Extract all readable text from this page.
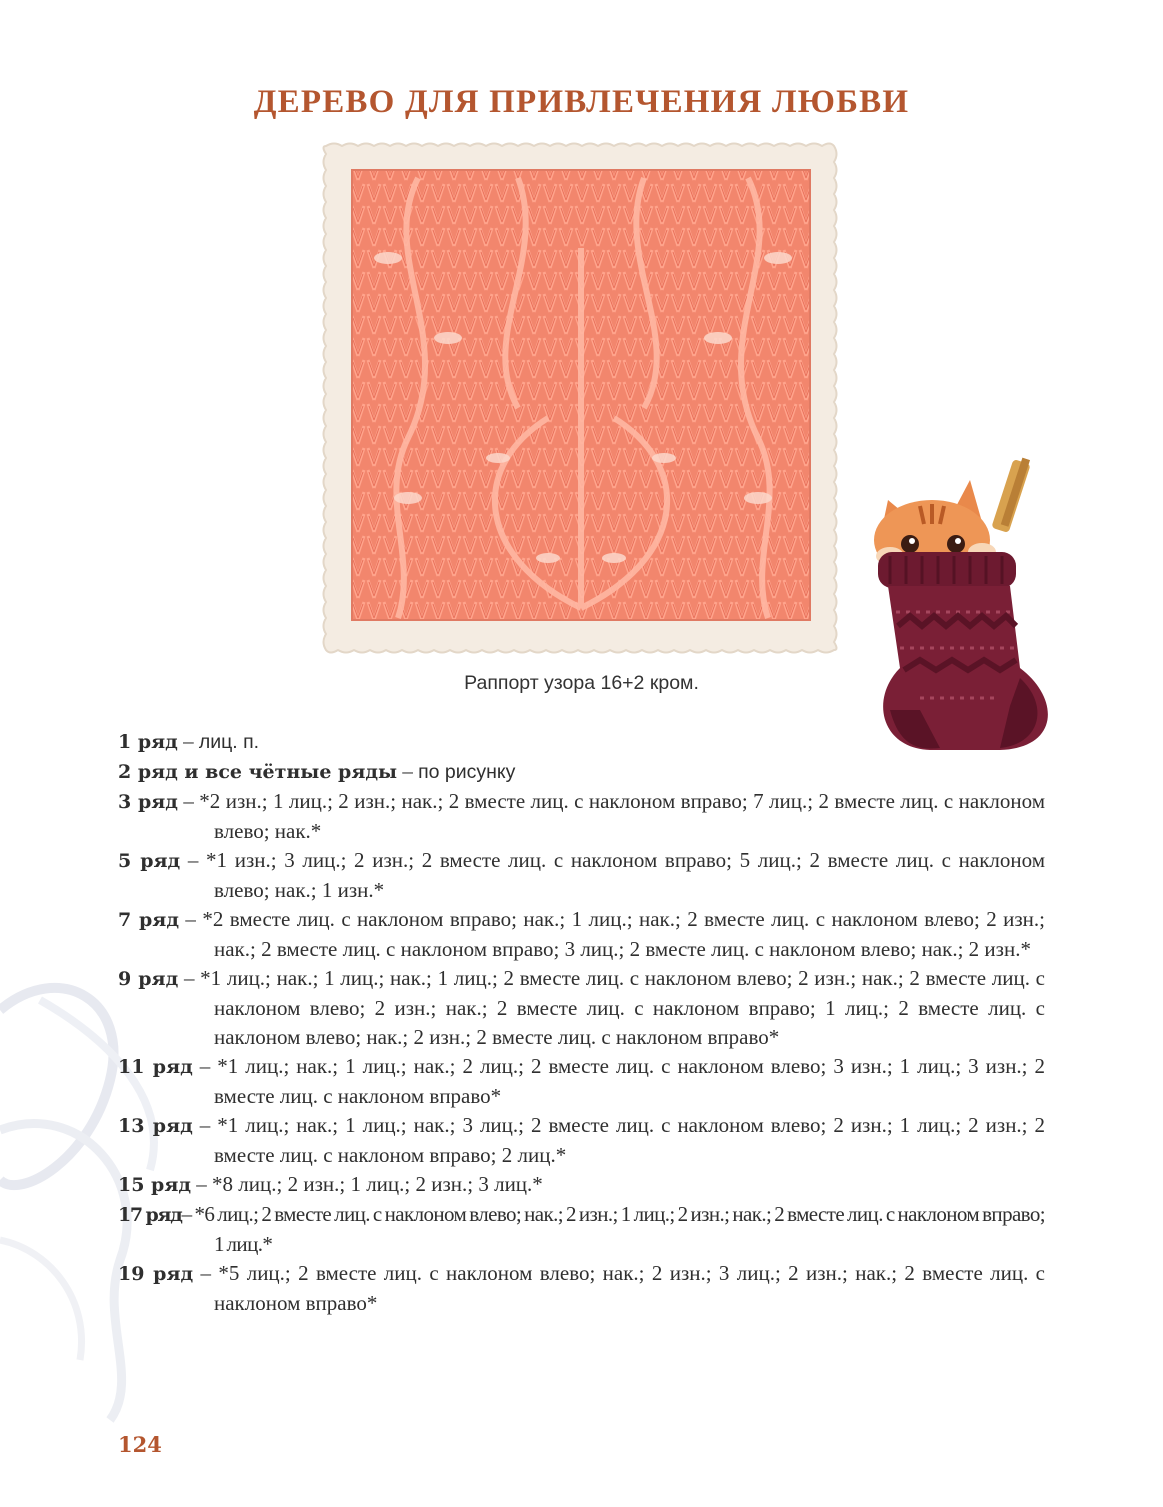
ДЕРЕВО ДЛЯ ПРИВЛЕЧЕНИЯ ЛЮБВИ
Раппорт узора 16+2 кром.
1 ряд – лиц. п.
2 ряд и все чётные ряды – по рисунку
3 ряд – *2 изн.; 1 лиц.; 2 изн.; нак.; 2 вместе лиц. с наклоном вправо; 7 лиц.; 2 вместе лиц. с наклоном влево; нак.*
5 ряд – *1 изн.; 3 лиц.; 2 изн.; 2 вместе лиц. с наклоном вправо; 5 лиц.; 2 вместе лиц. с наклоном влево; нак.; 1 изн.*
7 ряд – *2 вместе лиц. с наклоном вправо; нак.; 1 лиц.; нак.; 2 вместе лиц. с наклоном влево; 2 изн.; нак.; 2 вместе лиц. с наклоном вправо; 3 лиц.; 2 вместе лиц. с наклоном влево; нак.; 2 изн.*
9 ряд – *1 лиц.; нак.; 1 лиц.; нак.; 1 лиц.; 2 вместе лиц. с наклоном влево; 2 изн.; нак.; 2 вместе лиц. с наклоном влево; 2 изн.; нак.; 2 вместе лиц. с наклоном вправо; 1 лиц.; 2 вместе лиц. с наклоном влево; нак.; 2 изн.; 2 вместе лиц. с наклоном вправо*
11 ряд – *1 лиц.; нак.; 1 лиц.; нак.; 2 лиц.; 2 вместе лиц. с наклоном влево; 3 изн.; 1 лиц.; 3 изн.; 2 вместе лиц. с наклоном вправо*
13 ряд – *1 лиц.; нак.; 1 лиц.; нак.; 3 лиц.; 2 вместе лиц. с наклоном влево; 2 изн.; 1 лиц.; 2 изн.; 2 вместе лиц. с наклоном вправо; 2 лиц.*
15 ряд – *8 лиц.; 2 изн.; 1 лиц.; 2 изн.; 3 лиц.*
17 ряд– *6 лиц.; 2 вместе лиц. с наклоном влево; нак.; 2 изн.; 1 лиц.; 2 изн.; нак.; 2 вместе лиц. с наклоном вправо; 1 лиц.*
19 ряд – *5 лиц.; 2 вместе лиц. с наклоном влево; нак.; 2 изн.; 3 лиц.; 2 изн.; нак.; 2 вместе лиц. с наклоном вправо*
124
